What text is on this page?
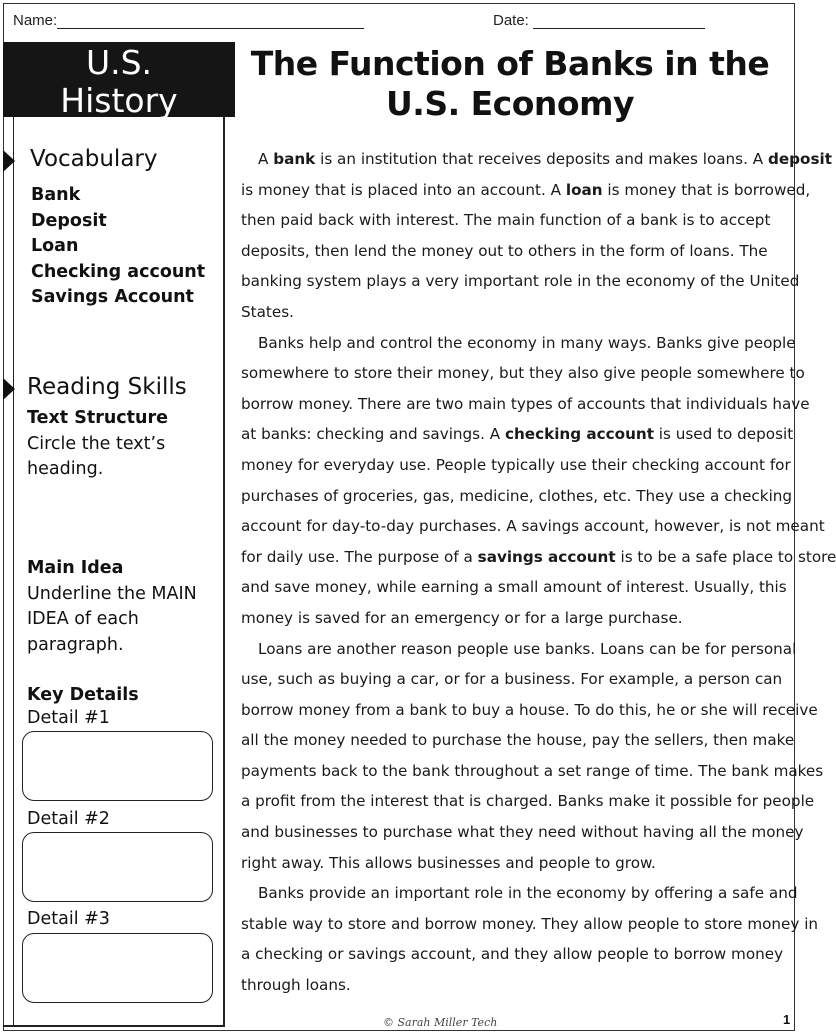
Name:	Date:
U.S.
History
Vocabulary
Bank
Deposit
Loan
Checking account
Savings Account
Reading Skills
Text Structure
Circle the text’s
heading.
Main Idea
Underline the MAIN
IDEA of each
paragraph.
Key Details
Detail #1
Detail #2
Detail #3
The Function of Banks in the
U.S. Economy
A bank is an institution that receives deposits and makes loans. A deposit
is money that is placed into an account. A loan is money that is borrowed,
then paid back with interest. The main function of a bank is to accept
deposits, then lend the money out to others in the form of loans. The
banking system plays a very important role in the economy of the United
States.
Banks help and control the economy in many ways. Banks give people
somewhere to store their money, but they also give people somewhere to
borrow money. There are two main types of accounts that individuals have
at banks: checking and savings. A checking account is used to deposit
money for everyday use. People typically use their checking account for
purchases of groceries, gas, medicine, clothes, etc. They use a checking
account for day-to-day purchases. A savings account, however, is not meant
for daily use. The purpose of a savings account is to be a safe place to store
and save money, while earning a small amount of interest. Usually, this
money is saved for an emergency or for a large purchase.
Loans are another reason people use banks. Loans can be for personal
use, such as buying a car, or for a business. For example, a person can
borrow money from a bank to buy a house. To do this, he or she will receive
all the money needed to purchase the house, pay the sellers, then make
payments back to the bank throughout a set range of time. The bank makes
a profit from the interest that is charged. Banks make it possible for people
and businesses to purchase what they need without having all the money
right away. This allows businesses and people to grow.
Banks provide an important role in the economy by offering a safe and
stable way to store and borrow money. They allow people to store money in
a checking or savings account, and they allow people to borrow money
through loans.
© Sarah Miller Tech	1
